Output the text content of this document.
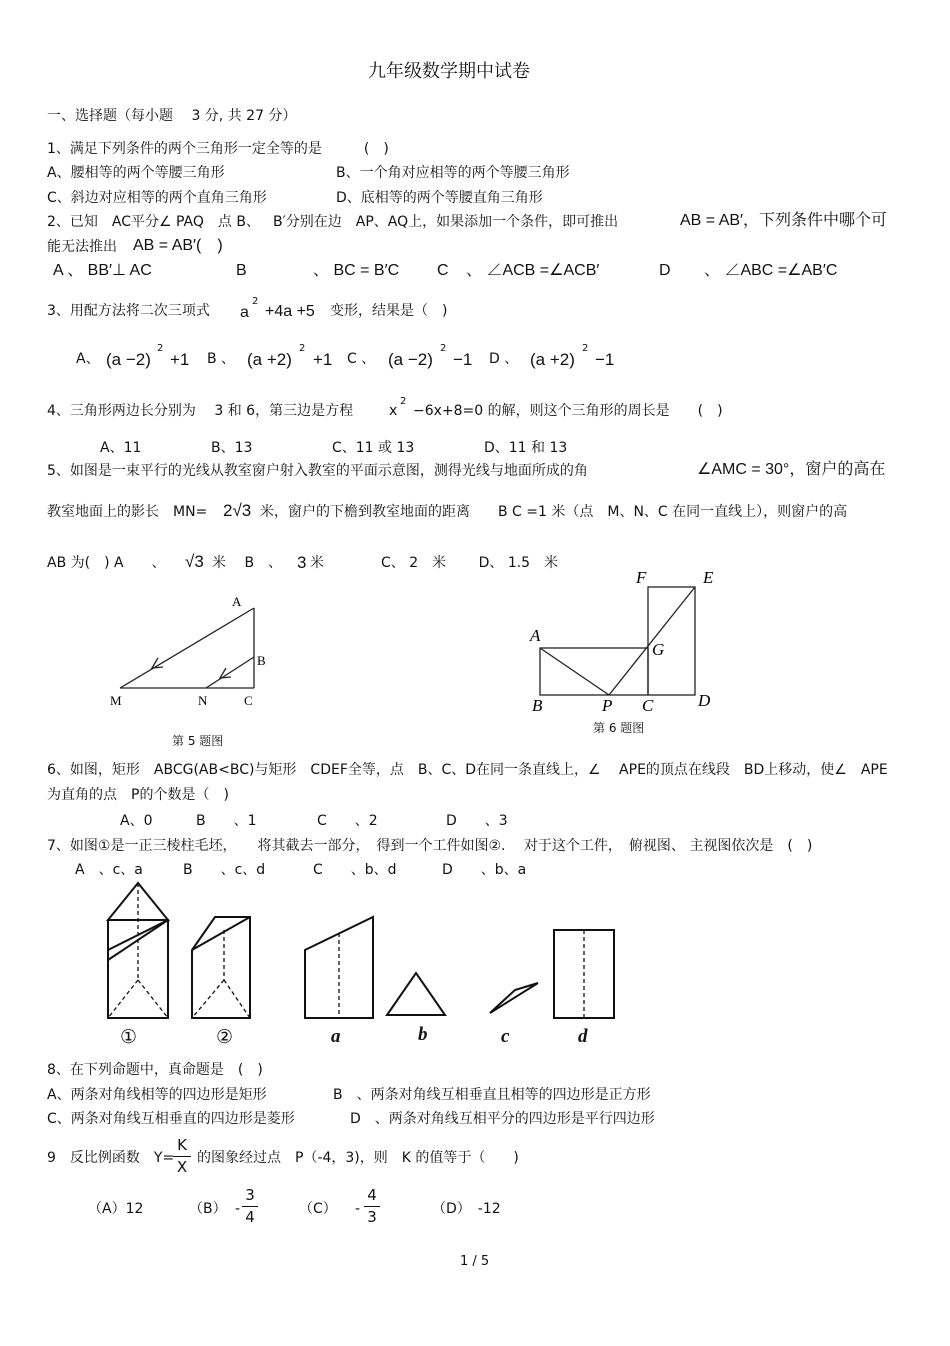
九年级数学期中试卷
一、选择题（每小题　 3 分, 共 27 分）
1、满足下列条件的两个三角形一定全等的是　　　(　)
A、腰相等的两个等腰三角形	B、一个角对应相等的两个等腰三角形
C、斜边对应相等的两个直角三角形	D、底相等的两个等腰直角三角形
2、已知　AC平分∠ PAQ　点 B、 B′分别在边　AP、AQ上，如果添加一个条件，即可推出	AB = AB′，下列条件中哪个可
能无法推出 AB = AB′(　)
A 、 BB′⊥ AC	B	、 BC = B′C C 、 ∠ACB =∠ACB′	D 、 ∠ABC =∠AB′C
3、用配方法将二次三项式 a
2
+4a +5 变形，结果是（　)
A、 (a −2)
2
+1 B 、 (a +2)
2
+1 C 、 (a −2)
2
−1 D 、 (a +2)
2
−1
4、三角形两边长分别为　 3 和 6，第三边是方程	x
2
−6x+8=0 的解，则这个三角形的周长是　　(　)
A、11	B、13	C、11 或 13	D、11 和 13
5、如图是一束平行的光线从教室窗户射入教室的平面示意图，测得光线与地面所成的角	∠AMC = 30°，窗户的高在
教室地面上的影长　MN= 2√3 米，窗户的下檐到教室地面的距离　　B C =1 米（点　M、N、C 在同一直线上），则窗户的高
AB 为(　) A　　、 √3 米　 B　、 3 米	C、 2　米　　 D、 1.5　米
A
B
C
M	N
第 5 题图
F	E
A
G
B	P C	D
第 6 题图
6、如图，矩形　ABCG(AB<BC)与矩形　CDEF全等，点　B、C、D在同一条直线上，∠　 APE的顶点在线段　BD上移动，使∠　APE
为直角的点　P的个数是（　)
A、0	B　　、1	C　　、2	D　　、3
7、如图①是一正三棱柱毛坯，　　将其截去一部分，　得到一个工件如图②.　 对于这个工件，　俯视图、 主视图依次是　(　)
A　、c、a	B　　、c、d	C　　、b、d	D　　、b、a
①	②	a	b	c	d
8、在下列命题中，真命题是　(　)
A、两条对角线相等的四边形是矩形	B　、两条对角线互相垂直且相等的四边形是正方形
C、两条对角线互相垂直的四边形是菱形	D　、两条对角线互相平分的四边形是平行四边形
9　反比例函数　Y=
K
X 的图象经过点　P（-4，3)，则　K 的值等于（　　)
（A）12	（B） -
3
4	（C） -
4
3	（D）　-12
1 / 5
